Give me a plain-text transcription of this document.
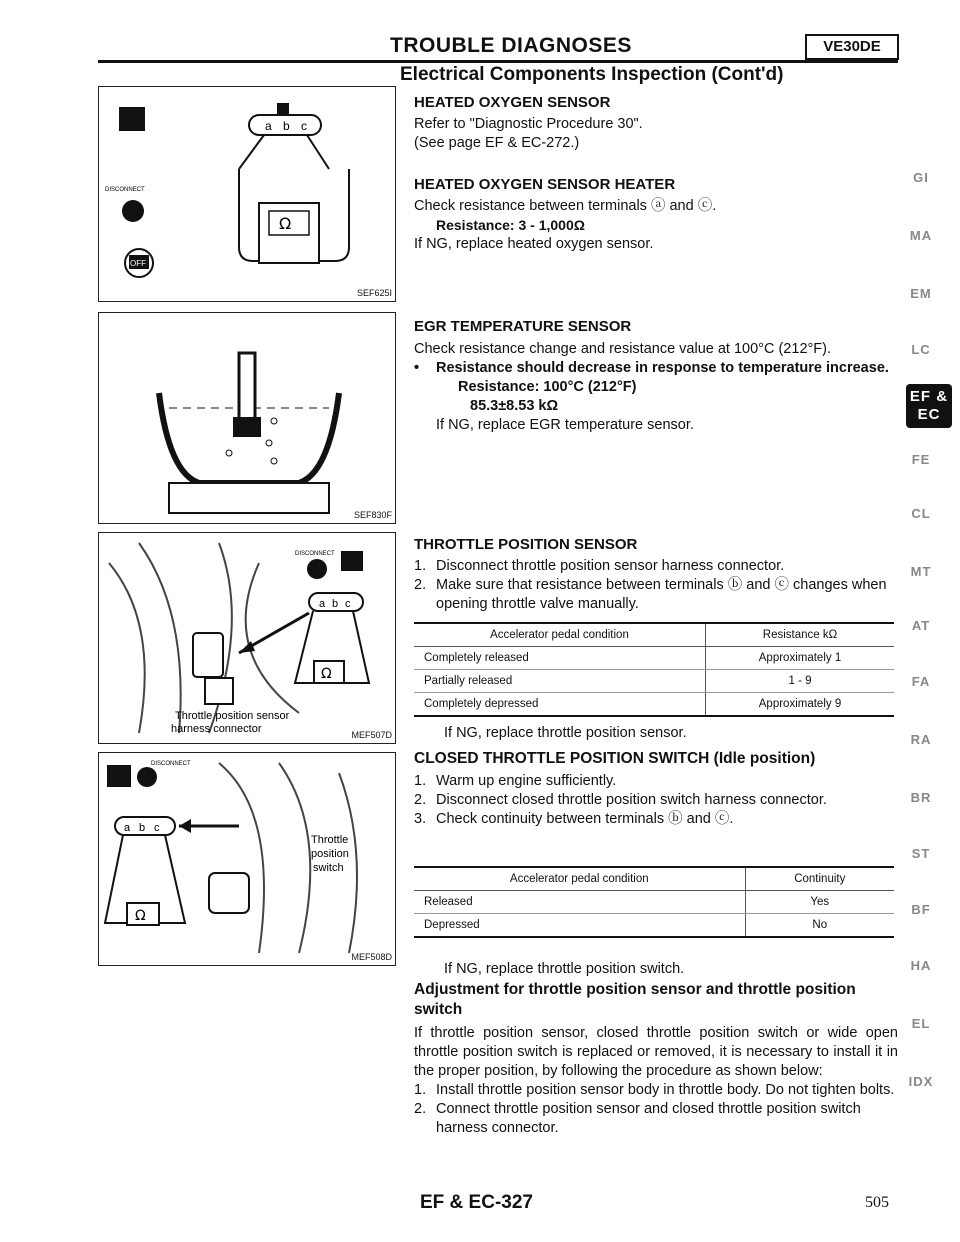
TROUBLE DIAGNOSES	VE30DE
Electrical Components Inspection (Cont'd)
DISCONNECT
OFF
a b c
Ω
SEF625I
SEF830F
DISCONNECT
a b c
Ω
Throttle position sensor
harness connector	MEF507D
DISCONNECT
a b c
Ω
Throttle
position
switch
MEF508D
HEATED OXYGEN SENSOR
Refer to "Diagnostic Procedure 30".
(See page EF & EC-272.)
HEATED OXYGEN SENSOR HEATER
Check resistance between terminals ⓐ and ⓒ.
Resistance: 3 - 1,000Ω
If NG, replace heated oxygen sensor.
EGR TEMPERATURE SENSOR
Check resistance change and resistance value at 100°C (212°F).
•	Resistance should decrease in response to temperature increase.
Resistance: 100°C (212°F)
85.3±8.53 kΩ
If NG, replace EGR temperature sensor.
THROTTLE POSITION SENSOR
1. Disconnect throttle position sensor harness connector.
2. Make sure that resistance between terminals ⓑ and ⓒ changes when opening throttle valve manually.
Accelerator pedal condition	Resistance kΩ
Completely released	Approximately 1
Partially released	1 - 9
Completely depressed	Approximately 9
If NG, replace throttle position sensor.
CLOSED THROTTLE POSITION SWITCH (Idle position)
1. Warm up engine sufficiently.
2. Disconnect closed throttle position switch harness connector.
3. Check continuity between terminals ⓑ and ⓒ.
Accelerator pedal condition	Continuity
Released	Yes
Depressed	No
If NG, replace throttle position switch.
Adjustment for throttle position sensor and throttle position switch
If throttle position sensor, closed throttle position switch or wide open throttle position switch is replaced or removed, it is necessary to install it in the proper position, by following the procedure as shown below:
1. Install throttle position sensor body in throttle body. Do not tighten bolts.
2. Connect throttle position sensor and closed throttle position switch harness connector.
GI
MA
EM
LC
EF & EC
FE
CL
MT
AT
FA
RA
BR
ST
BF
HA
EL
IDX
EF & EC-327	505
